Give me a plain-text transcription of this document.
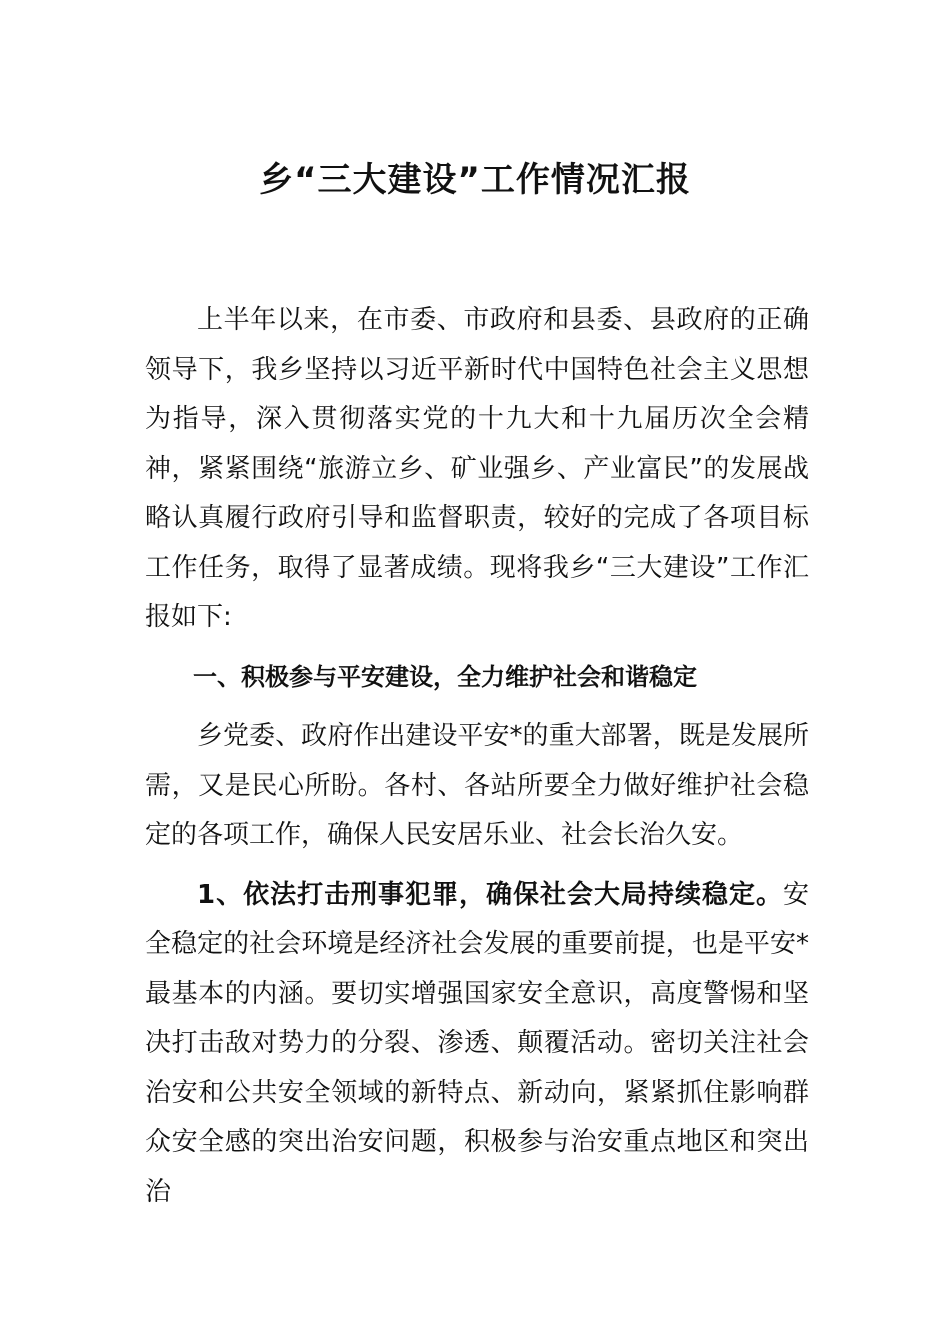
乡“三大建设”工作情况汇报

上半年以来，在市委、市政府和县委、县政府的正确领导下，我乡坚持以习近平新时代中国特色社会主义思想为指导，深入贯彻落实党的十九大和十九届历次全会精神，紧紧围绕“旅游立乡、矿业强乡、产业富民”的发展战略认真履行政府引导和监督职责，较好的完成了各项目标工作任务，取得了显著成绩。现将我乡“三大建设”工作汇报如下:

一、积极参与平安建设，全力维护社会和谐稳定

乡党委、政府作出建设平安*的重大部署，既是发展所需，又是民心所盼。各村、各站所要全力做好维护社会稳定的各项工作，确保人民安居乐业、社会长治久安。

1、依法打击刑事犯罪，确保社会大局持续稳定。安全稳定的社会环境是经济社会发展的重要前提，也是平安*最基本的内涵。要切实增强国家安全意识，高度警惕和坚决打击敌对势力的分裂、渗透、颠覆活动。密切关注社会治安和公共安全领域的新特点、新动向，紧紧抓住影响群众安全感的突出治安问题，积极参与治安重点地区和突出治
